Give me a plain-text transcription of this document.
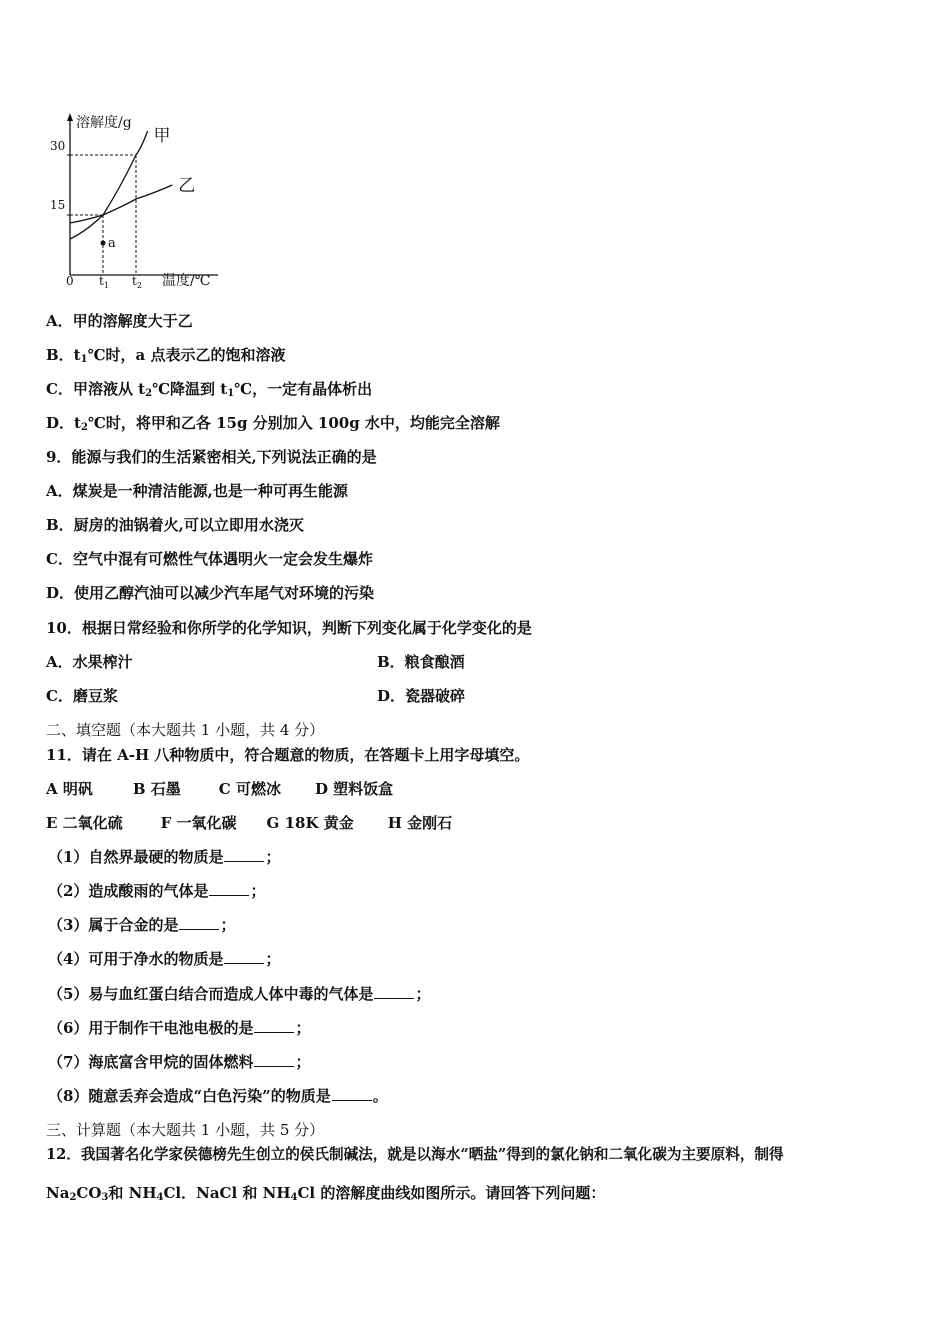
溶解度/g
温度/℃
0
30
15
甲
乙
a
$t_1$ $t_2$
A．甲的溶解度大于乙
B．$t_1℃$时，a 点表示乙的饱和溶液
C．甲溶液从 $t_2℃$降温到 $t_1℃$，一定有晶体析出
D．$t_2℃$时，将甲和乙各 15g 分别加入 100g 水中，均能完全溶解
9．能源与我们的生活紧密相关,下列说法正确的是
A．煤炭是一种清洁能源,也是一种可再生能源
B．厨房的油锅着火,可以立即用水浇灭
C．空气中混有可燃性气体遇明火一定会发生爆炸
D．使用乙醇汽油可以减少汽车尾气对环境的污染
10．根据日常经验和你所学的化学知识，判断下列变化属于化学变化的是
A．水果榨汁	B．粮食酿酒
C．磨豆浆	D．瓷器破碎
二、填空题（本大题共 1 小题，共 4 分）
11．请在 A-H 八种物质中，符合题意的物质，在答题卡上用字母填空。
A 明矾	B 石墨	C 可燃冰 D 塑料饭盒
E 二氧化硫	F 一氧化碳 G 18K 黄金 H 金刚石
（1）自然界最硬的物质是	；
（2）造成酸雨的气体是	；
（3）属于合金的是	；
（4）可用于净水的物质是	；
（5）易与血红蛋白结合而造成人体中毒的气体是	；
（6）用于制作干电池电极的是	；
（7）海底富含甲烷的固体燃料	；
（8）随意丢弃会造成“白色污染”的物质是	。
三、计算题（本大题共 1 小题，共 5 分）
12．我国著名化学家侯德榜先生创立的侯氏制碱法，就是以海水“晒盐”得到的氯化钠和二氧化碳为主要原料，制得
$Na_2CO_3$和 $NH_4Cl$．NaCl 和 $NH_4Cl$ 的溶解度曲线如图所示。请回答下列问题：
